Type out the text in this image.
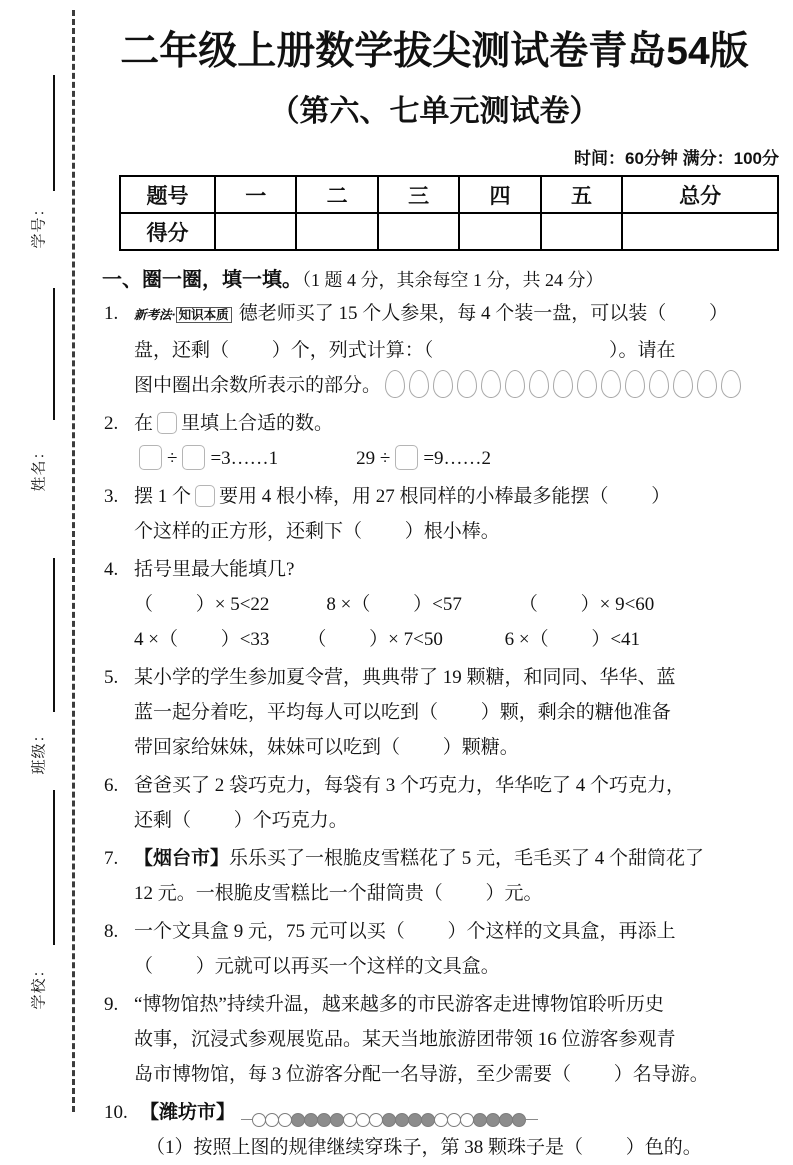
学号：
姓名：
班级：
学校：
二年级上册数学拔尖测试卷青岛54版
（第六、七单元测试卷）
时间：60分钟 满分：100分
题号	一	二	三	四	五	总分
得分						
一、圈一圈，填一填。（1 题 4 分，其余每空 1 分，共 24 分）
1.	新考法· 知识本质 德老师买了 15 个人参果，每 4 个装一盘，可以装（         ）
盘，还剩（         ）个，列式计算：（                                     ）。请在
图中圈出余数所表示的部分。
2. 在 里填上合适的数。
÷ =3……1	29 ÷ =9……2
3. 摆 1 个 要用 4 根小棒，用 27 根同样的小棒最多能摆（         ）
个这样的正方形，还剩下（         ）根小棒。
4. 括号里最大能填几?
（         ）× 5<22            8 ×（         ）<57            （         ）× 9<60
4 ×（         ）<33        （         ）× 7<50             6 ×（         ）<41
5. 某小学的学生参加夏令营，典典带了 19 颗糖，和同同、华华、蓝
蓝一起分着吃，平均每人可以吃到（         ）颗，剩余的糖他准备
带回家给妹妹，妹妹可以吃到（         ）颗糖。
6. 爸爸买了 2 袋巧克力，每袋有 3 个巧克力，华华吃了 4 个巧克力，
还剩（         ）个巧克力。
7. 【烟台市】乐乐买了一根脆皮雪糕花了 5 元，毛毛买了 4 个甜筒花了
12 元。一根脆皮雪糕比一个甜筒贵（         ）元。
8. 一个文具盒 9 元，75 元可以买（         ）个这样的文具盒，再添上
（         ）元就可以再买一个这样的文具盒。
9. “博物馆热”持续升温，越来越多的市民游客走进博物馆聆听历史
故事，沉浸式参观展览品。某天当地旅游团带领 16 位游客参观青
岛市博物馆，每 3 位游客分配一名导游，至少需要（         ）名导游。
10. 【潍坊市】
（1）按照上图的规律继续穿珠子，第 38 颗珠子是（         ）色的。
